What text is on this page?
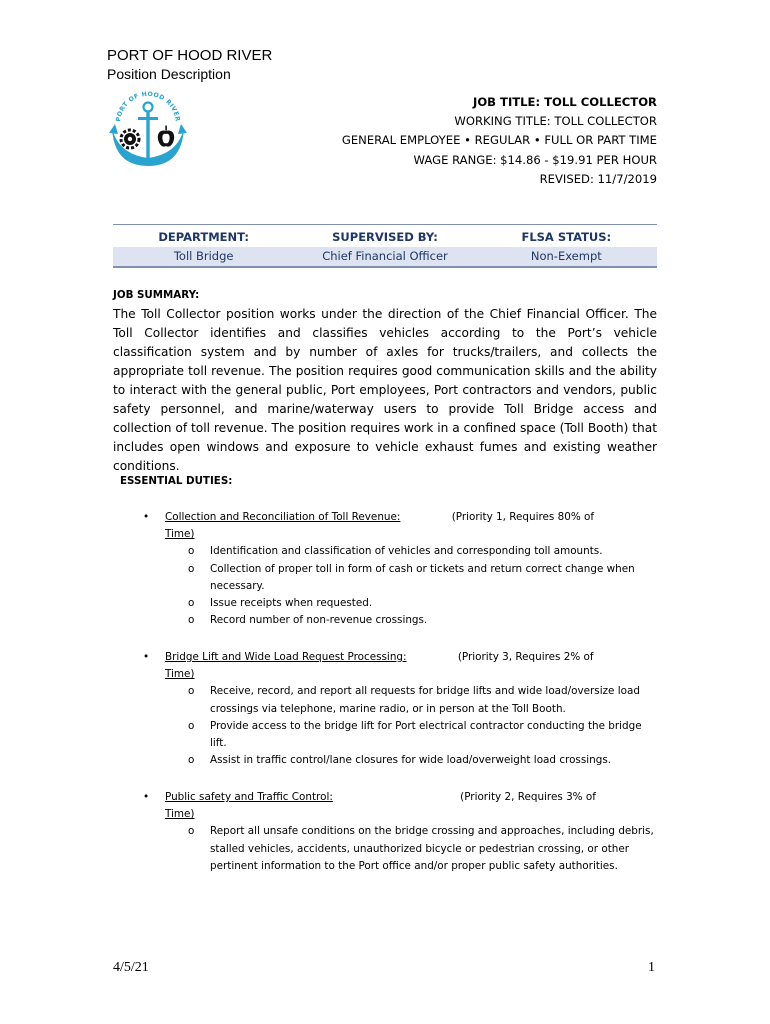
PORT OF HOOD RIVER
Position Description
PORT OF HOOD RIVER
JOB TITLE: TOLL COLLECTOR
WORKING TITLE: TOLL COLLECTOR
GENERAL EMPLOYEE • REGULAR • FULL OR PART TIME
WAGE RANGE: $14.86 - $19.91 PER HOUR
REVISED: 11/7/2019
DEPARTMENT:	SUPERVISED BY:	FLSA STATUS:
Toll Bridge	Chief Financial Officer	Non-Exempt
JOB SUMMARY:
The Toll Collector position works under the direction of the Chief Financial Officer. The Toll Collector identifies and classifies vehicles according to the Port’s vehicle classification system and by number of axles for trucks/trailers, and collects the appropriate toll revenue. The position requires good communication skills and the ability to interact with the general public, Port employees, Port contractors and vendors, public safety personnel, and marine/waterway users to provide Toll Bridge access and collection of toll revenue. The position requires work in a confined space (Toll Booth) that includes open windows and exposure to vehicle exhaust fumes and existing weather conditions.
ESSENTIAL DUTIES:
• Collection and Reconciliation of Toll Revenue:	(Priority 1, Requires 80% of
Time)
o Identification and classification of vehicles and corresponding toll amounts.
o Collection of proper toll in form of cash or tickets and return correct change when necessary.
o Issue receipts when requested.
o Record number of non-revenue crossings.
• Bridge Lift and Wide Load Request Processing:	(Priority 3, Requires 2% of
Time)
o Receive, record, and report all requests for bridge lifts and wide load/oversize load crossings via telephone, marine radio, or in person at the Toll Booth.
o Provide access to the bridge lift for Port electrical contractor conducting the bridge lift.
o Assist in traffic control/lane closures for wide load/overweight load crossings.
• Public safety and Traffic Control:	(Priority 2, Requires 3% of
Time)
o Report all unsafe conditions on the bridge crossing and approaches, including debris, stalled vehicles, accidents, unauthorized bicycle or pedestrian crossing, or other pertinent information to the Port office and/or proper public safety authorities.
4/5/21	1
